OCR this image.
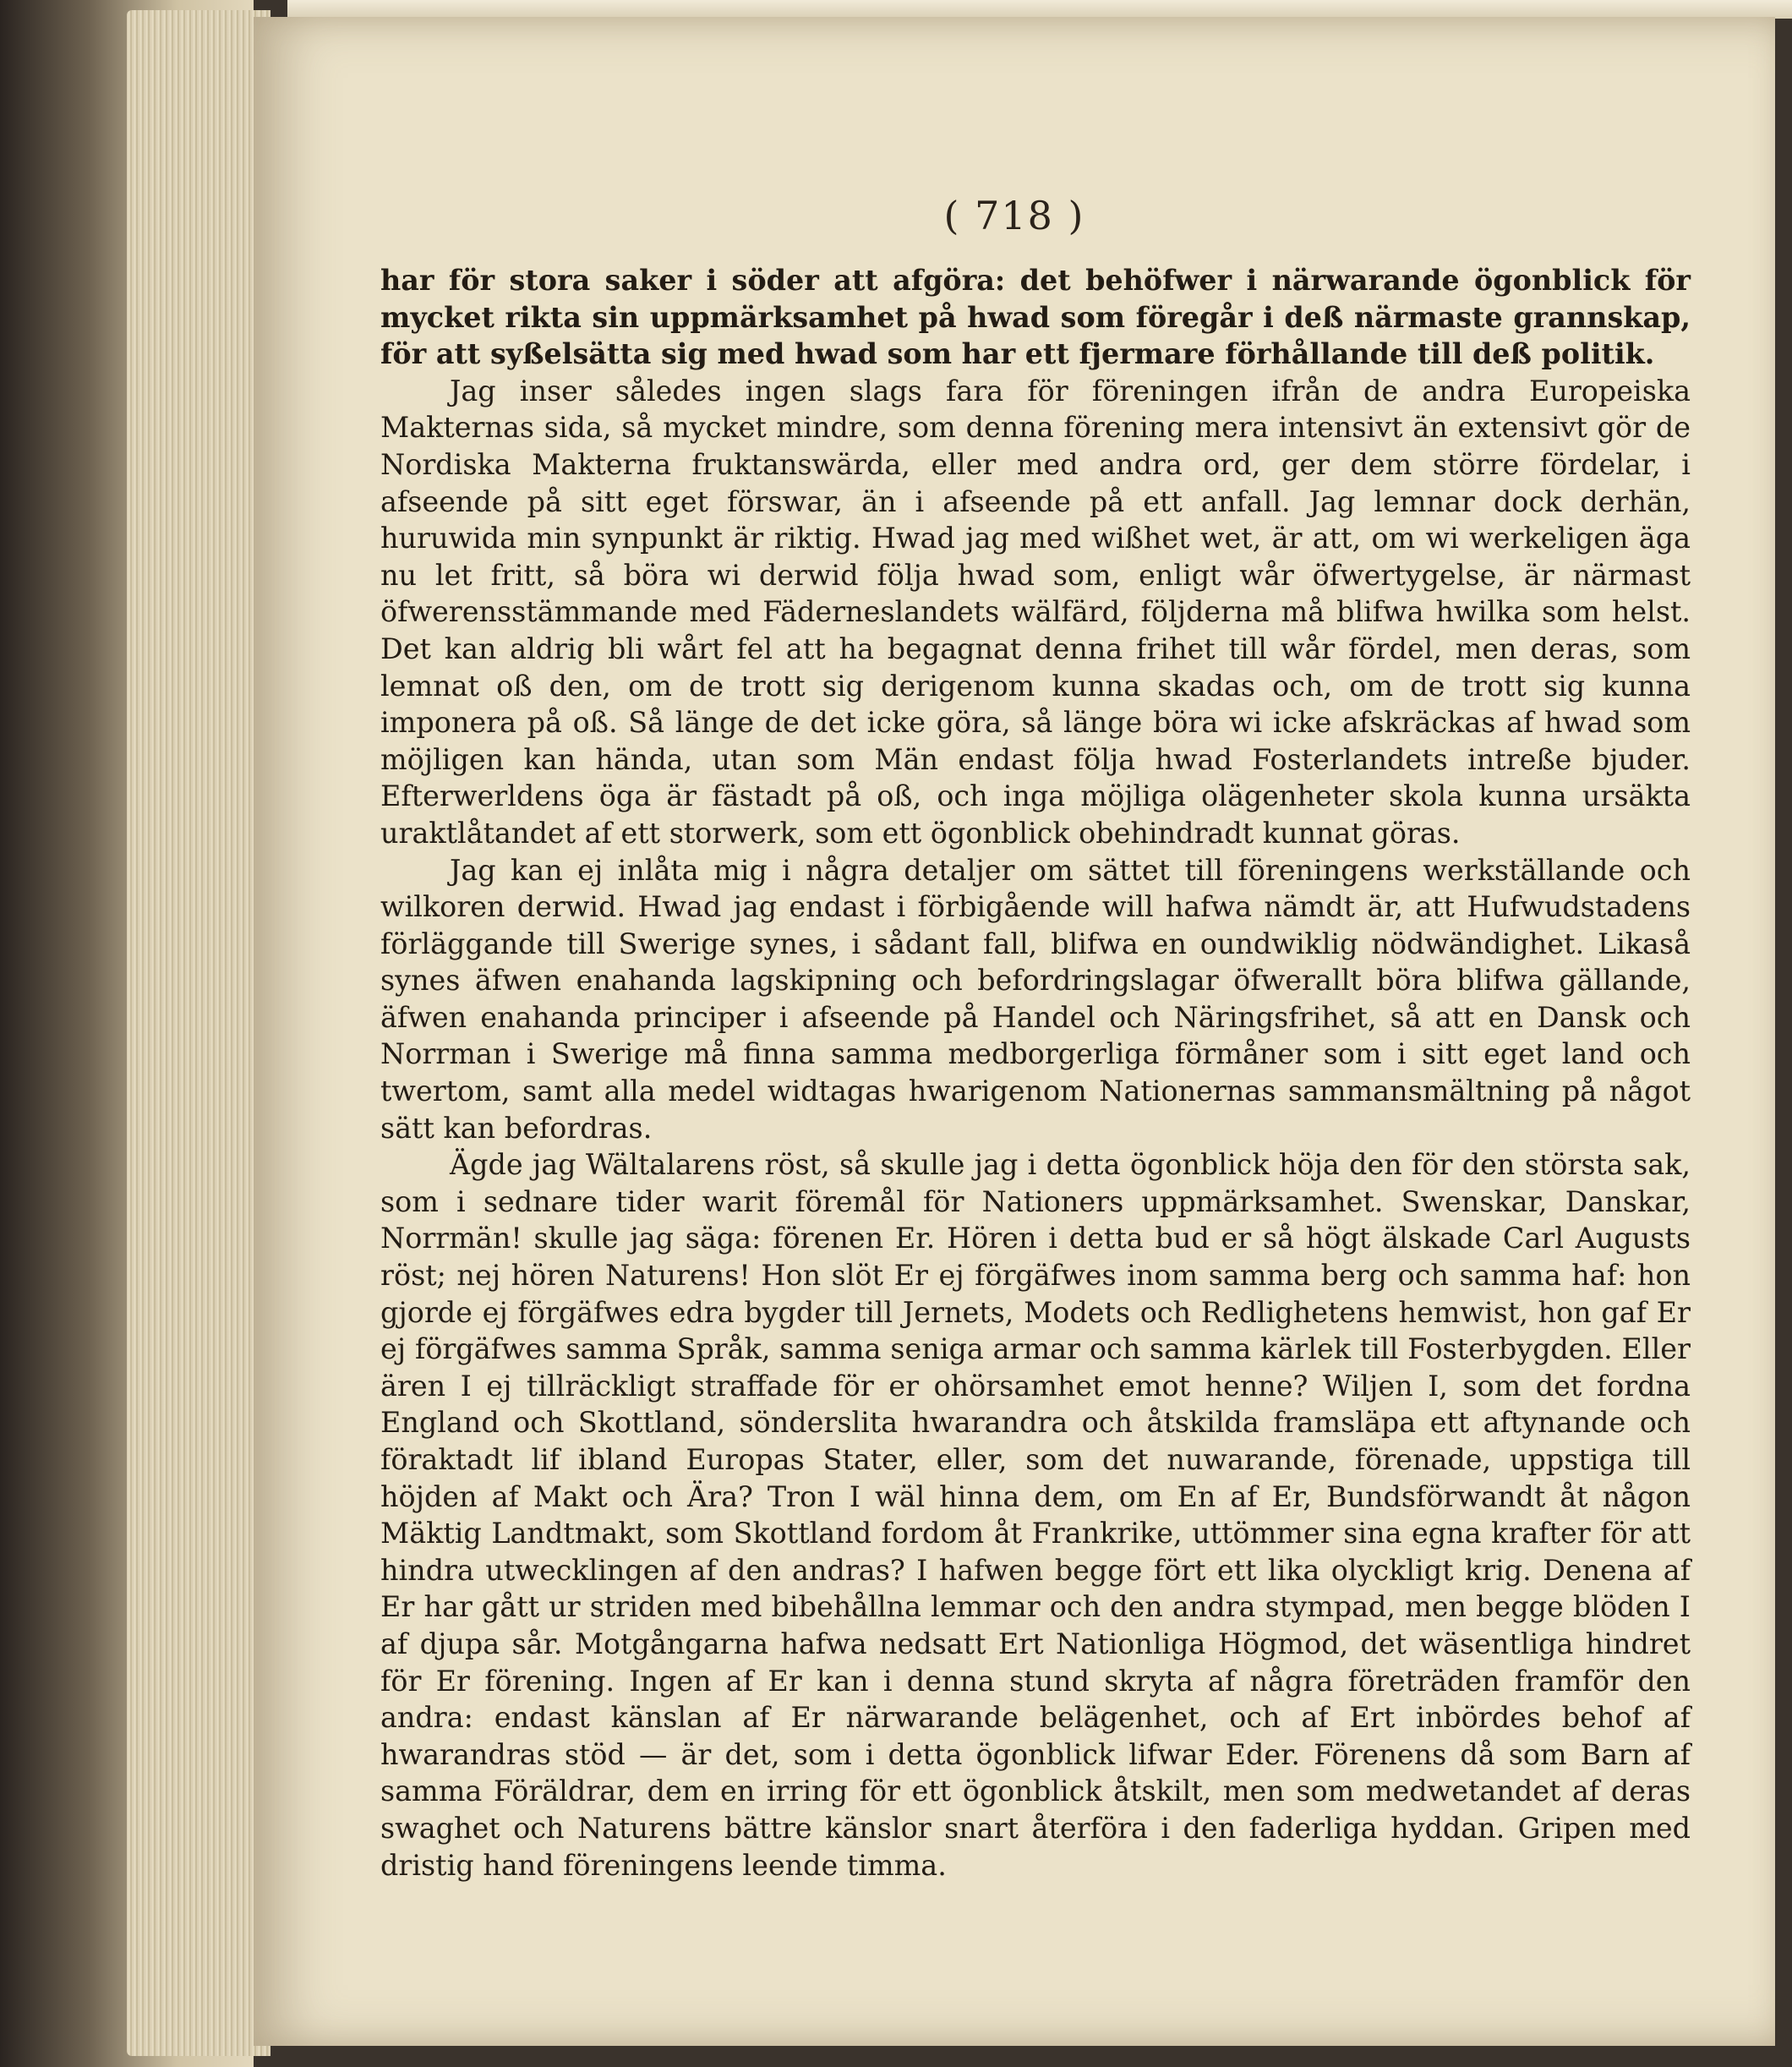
( 718 )

har för stora saker i söder att afgöra: det behöfwer i närwarande ögonblick för mycket rikta sin uppmärksamhet på hwad som föregår i deß närmaste grannskap, för att syßelsätta sig med hwad som har ett fjermare förhållande till deß politik.

Jag inser således ingen slags fara för föreningen ifrån de andra Europeiska Makternas sida, så mycket mindre, som denna förening mera intensivt än extensivt gör de Nordiska Makterna fruktanswärda, eller med andra ord, ger dem större fördelar, i afseende på sitt eget förswar, än i afseende på ett anfall. Jag lemnar dock derhän, huruwida min synpunkt är riktig. Hwad jag med wißhet wet, är att, om wi werkeligen äga nu let fritt, så böra wi derwid följa hwad som, enligt wår öfwertygelse, är närmast öfwerensstämmande med Fäderneslandets wälfärd, följderna må blifwa hwilka som helst. Det kan aldrig bli wårt fel att ha begagnat denna frihet till wår fördel, men deras, som lemnat oß den, om de trott sig derigenom kunna skadas och, om de trott sig kunna imponera på oß. Så länge de det icke göra, så länge böra wi icke afskräckas af hwad som möjligen kan hända, utan som Män endast följa hwad Fosterlandets intreße bjuder. Efterwerldens öga är fästadt på oß, och inga möjliga olägenheter skola kunna ursäkta uraktlåtandet af ett storwerk, som ett ögonblick obehindradt kunnat göras.

Jag kan ej inlåta mig i några detaljer om sättet till föreningens werkställande och wilkoren derwid. Hwad jag endast i förbigående will hafwa nämdt är, att Hufwudstadens förläggande till Swerige synes, i sådant fall, blifwa en oundwiklig nödwändighet. Likaså synes äfwen enahanda lagskipning och befordringslagar öfwerallt böra blifwa gällande, äfwen enahanda principer i afseende på Handel och Näringsfrihet, så att en Dansk och Norrman i Swerige må finna samma medborgerliga förmåner som i sitt eget land och twertom, samt alla medel widtagas hwarigenom Nationernas sammansmältning på något sätt kan befordras.

Ägde jag Wältalarens röst, så skulle jag i detta ögonblick höja den för den största sak, som i sednare tider warit föremål för Nationers uppmärksamhet. Swenskar, Danskar, Norrmän! skulle jag säga: förenen Er. Hören i detta bud er så högt älskade Carl Augusts röst; nej hören Naturens! Hon slöt Er ej förgäfwes inom samma berg och samma haf: hon gjorde ej förgäfwes edra bygder till Jernets, Modets och Redlighetens hemwist, hon gaf Er ej förgäfwes samma Språk, samma seniga armar och samma kärlek till Fosterbygden. Eller ären I ej tillräckligt straffade för er ohörsamhet emot henne? Wiljen I, som det fordna England och Skottland, sönderslita hwarandra och åtskilda framsläpa ett aftynande och föraktadt lif ibland Europas Stater, eller, som det nuwarande, förenade, uppstiga till höjden af Makt och Ära? Tron I wäl hinna dem, om En af Er, Bundsförwandt åt någon Mäktig Landtmakt, som Skottland fordom åt Frankrike, uttömmer sina egna krafter för att hindra utwecklingen af den andras? I hafwen begge fört ett lika olyckligt krig. Denena af Er har gått ur striden med bibehållna lemmar och den andra stympad, men begge blöden I af djupa sår. Motgångarna hafwa nedsatt Ert Nationliga Högmod, det wäsentliga hindret för Er förening. Ingen af Er kan i denna stund skryta af några företräden framför den andra: endast känslan af Er närwarande belägenhet, och af Ert inbördes behof af hwarandras stöd — är det, som i detta ögonblick lifwar Eder. Förenens då som Barn af samma Föräldrar, dem en irring för ett ögonblick åtskilt, men som medwetandet af deras swaghet och Naturens bättre känslor snart återföra i den faderliga hyddan. Gripen med dristig hand föreningens leende timma.
